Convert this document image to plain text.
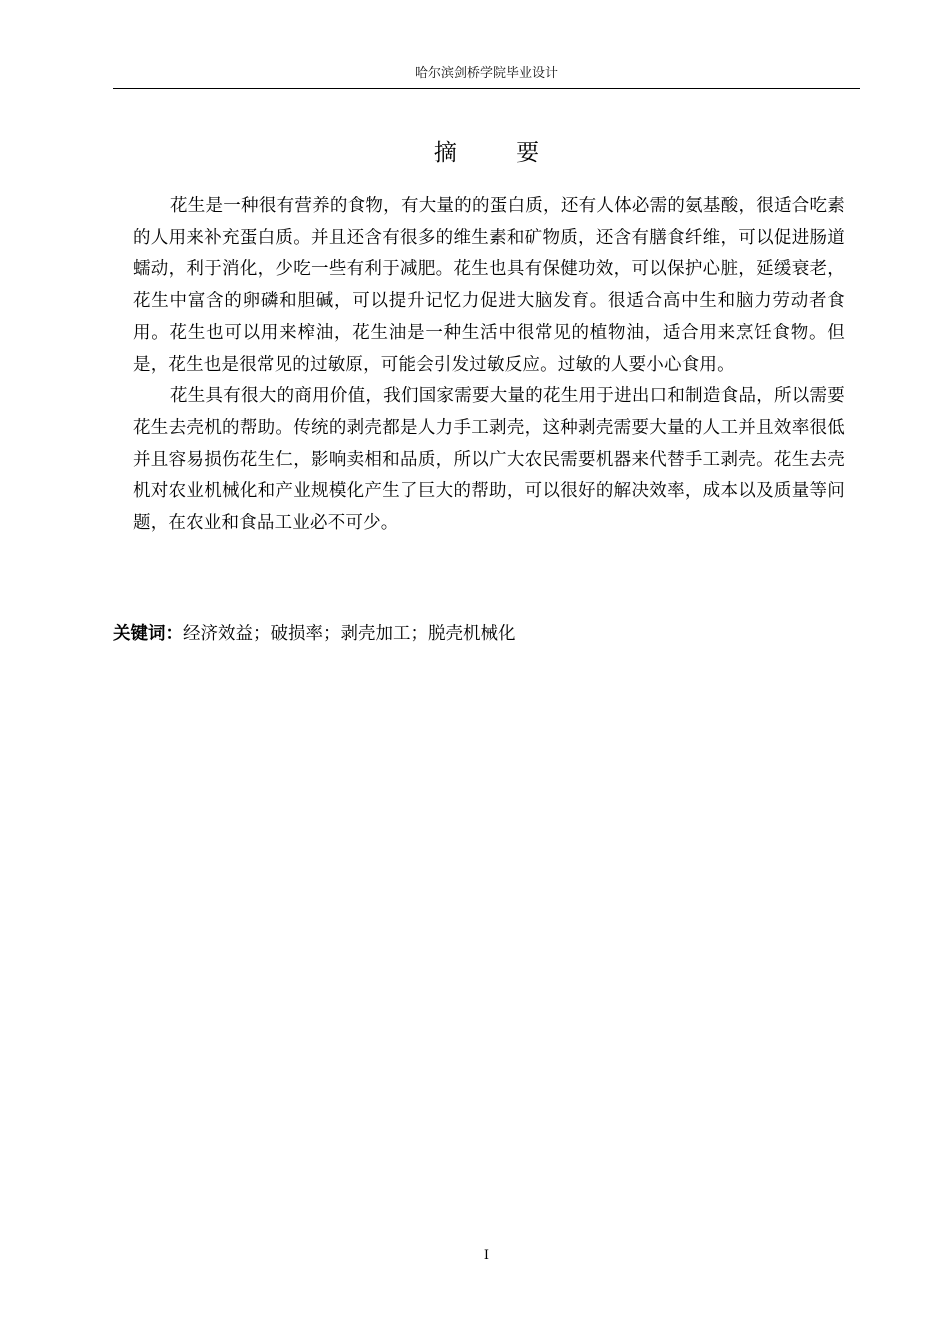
哈尔滨剑桥学院毕业设计
摘 要

花生是一种很有营养的食物，有大量的的蛋白质，还有人体必需的氨基酸，很适合吃素的人用来补充蛋白质。并且还含有很多的维生素和矿物质，还含有膳食纤维，可以促进肠道蠕动，利于消化，少吃一些有利于减肥。花生也具有保健功效，可以保护心脏，延缓衰老，花生中富含的卵磷和胆碱，可以提升记忆力促进大脑发育。很适合高中生和脑力劳动者食用。花生也可以用来榨油，花生油是一种生活中很常见的植物油，适合用来烹饪食物。但是，花生也是很常见的过敏原，可能会引发过敏反应。过敏的人要小心食用。

花生具有很大的商用价值，我们国家需要大量的花生用于进出口和制造食品，所以需要花生去壳机的帮助。传统的剥壳都是人力手工剥壳，这种剥壳需要大量的人工并且效率很低并且容易损伤花生仁，影响卖相和品质，所以广大农民需要机器来代替手工剥壳。花生去壳机对农业机械化和产业规模化产生了巨大的帮助，可以很好的解决效率，成本以及质量等问题，在农业和食品工业必不可少。

关键词：经济效益；破损率；剥壳加工；脱壳机械化
I
